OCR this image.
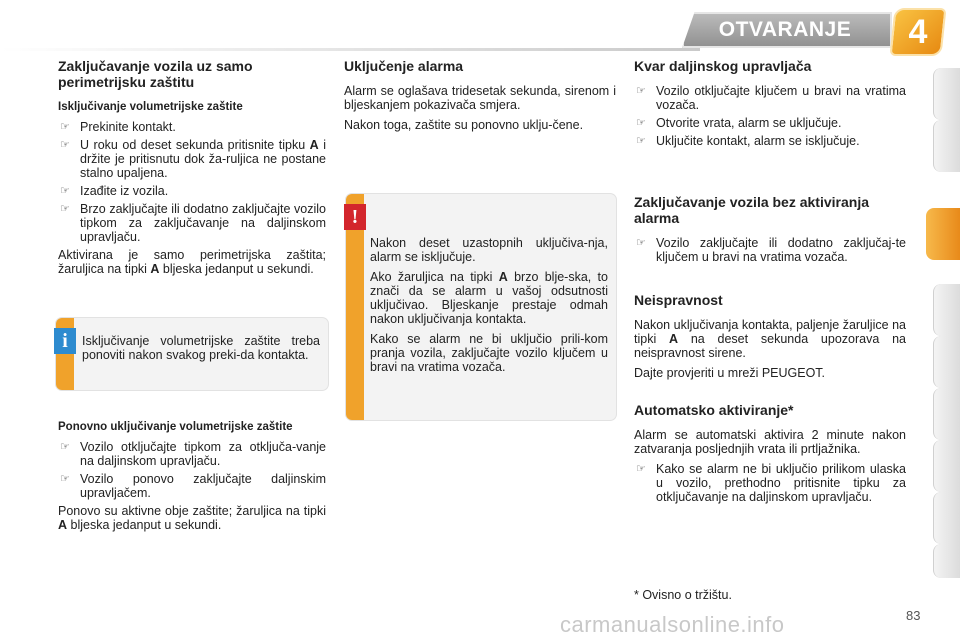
OTVARANJE	4
Zaključavanje vozila uz samo perimetrijsku zaštitu
Isključivanje volumetrijske zaštite
☞ Prekinite kontakt.
☞ U roku od deset sekunda pritisnite tipku A i držite je pritisnutu dok ža-ruljica ne postane stalno upaljena.
☞ Izađite iz vozila.
☞ Brzo zaključajte ili dodatno zaključajte vozilo tipkom za zaključavanje na daljinskom upravljaču.

Aktivirana je samo perimetrijska zaštita; žaruljica na tipki A bljeska jedanput u sekundi.

i	Isključivanje volumetrijske zaštite treba ponoviti nakon svakog preki-da kontakta.

Ponovno uključivanje volumetrijske zaštite
☞ Vozilo otključajte tipkom za otključa-vanje na daljinskom upravljaču.
☞ Vozilo ponovo zaključajte daljinskim upravljačem.

Ponovo su aktivne obje zaštite; žaruljica na tipki A bljeska jedanput u sekundi.

Uključenje alarma

Alarm se oglašava tridesetak sekunda, sirenom i bljeskanjem pokazivača smjera.

Nakon toga, zaštite su ponovno uklju-čene.

!

Nakon deset uzastopnih uključiva-nja, alarm se isključuje.

Ako žaruljica na tipki A brzo blje-ska, to znači da se alarm u vašoj odsutnosti uključivao. Bljeskanje prestaje odmah nakon uključivanja kontakta.

Kako se alarm ne bi uključio prili-kom pranja vozila, zaključajte vozilo ključem u bravi na vratima vozača.

Kvar daljinskog upravljača
☞ Vozilo otključajte ključem u bravi na vratima vozača.
☞ Otvorite vrata, alarm se uključuje.
☞ Uključite kontakt, alarm se isključuje.
Zaključavanje vozila bez aktiviranja alarma
☞ Vozilo zaključajte ili dodatno zaključaj-te ključem u bravi na vratima vozača.
Neispravnost

Nakon uključivanja kontakta, paljenje žaruljice na tipki A na deset sekunda upozorava na neispravnost sirene.

Dajte provjeriti u mreži PEUGEOT.

Automatsko aktiviranje*

Alarm se automatski aktivira 2 minute nakon zatvaranja posljednjih vrata ili prtljažnika.

☞ Kako se alarm ne bi uključio prilikom ulaska u vozilo, prethodno pritisnite tipku za otključavanje na daljinskom upravljaču.
* Ovisno o tržištu.
carmanualsonline.info	83
